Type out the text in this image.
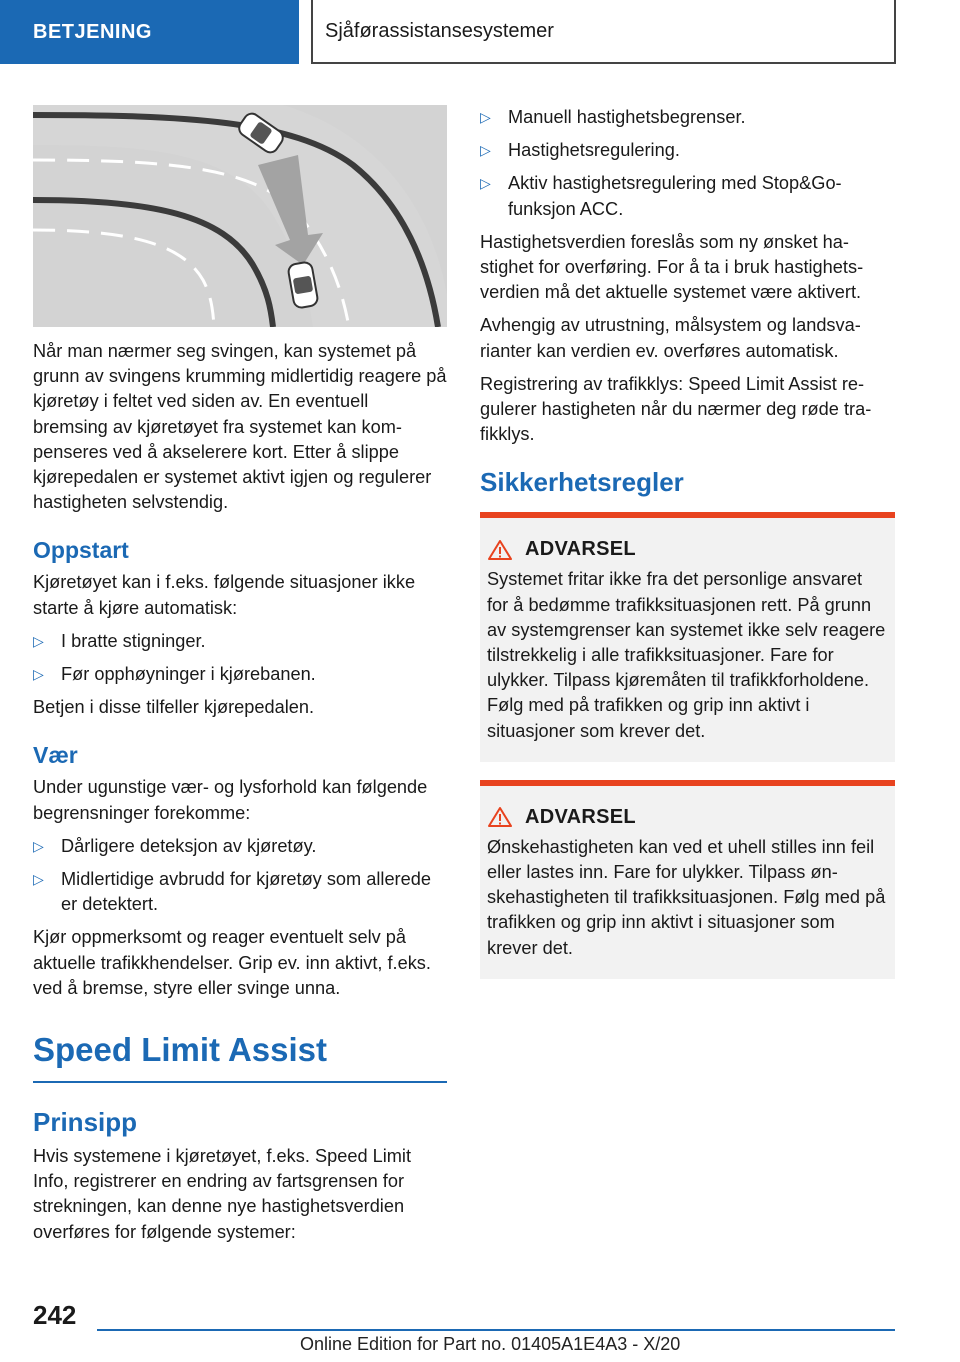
BETJENING	Sjåførassistansesystemer

Når man nærmer seg svingen, kan systemet på grunn av svingens krumming midlertidig reagere på kjøretøy i feltet ved siden av. En eventuell bremsing av kjøretøyet fra systemet kan kompenseres ved å akselerere kort. Etter å slippe kjørepedalen er systemet aktivt igjen og regulerer hastigheten selvstendig.

Oppstart

Kjøretøyet kan i f.eks. følgende situasjoner ikke starte å kjøre automatisk:

▷ I bratte stigninger.
▷ Før opphøyninger i kjørebanen.

Betjen i disse tilfeller kjørepedalen.

Vær

Under ugunstige vær- og lysforhold kan følgende begrensninger forekomme:

▷ Dårligere deteksjon av kjøretøy.
▷ Midlertidige avbrudd for kjøretøy som allerede er detektert.

Kjør oppmerksomt og reager eventuelt selv på aktuelle trafikkhendelser. Grip ev. inn aktivt, f.eks. ved å bremse, styre eller svinge unna.

Speed Limit Assist
Prinsipp

Hvis systemene i kjøretøyet, f.eks. Speed Limit Info, registrerer en endring av fartsgrensen for strekningen, kan denne nye hastighetsverdien overføres for følgende systemer:

▷ Manuell hastighetsbegrenser.
▷ Hastighetsregulering.
▷ Aktiv hastighetsregulering med Stop&Go-funksjon ACC.

Hastighetsverdien foreslås som ny ønsket hastighet for overføring. For å ta i bruk hastighetsverdien må det aktuelle systemet være aktivert.

Avhengig av utrustning, målsystem og landsvarianter kan verdien ev. overføres automatisk.

Registrering av trafikklys: Speed Limit Assist regulerer hastigheten når du nærmer deg røde trafikklys.

Sikkerhetsregler
ADVARSEL

Systemet fritar ikke fra det personlige ansvaret for å bedømme trafikksituasjonen rett. På grunn av systemgrenser kan systemet ikke selv reagere tilstrekkelig i alle trafikksituasjoner. Fare for ulykker. Tilpass kjøremåten til trafikkforholdene. Følg med på trafikken og grip inn aktivt i situasjoner som krever det.

ADVARSEL

Ønskehastigheten kan ved et uhell stilles inn feil eller lastes inn. Fare for ulykker. Tilpass ønskehastigheten til trafikksituasjonen. Følg med på trafikken og grip inn aktivt i situasjoner som krever det.

242
Online Edition for Part no. 01405A1E4A3 - X/20
